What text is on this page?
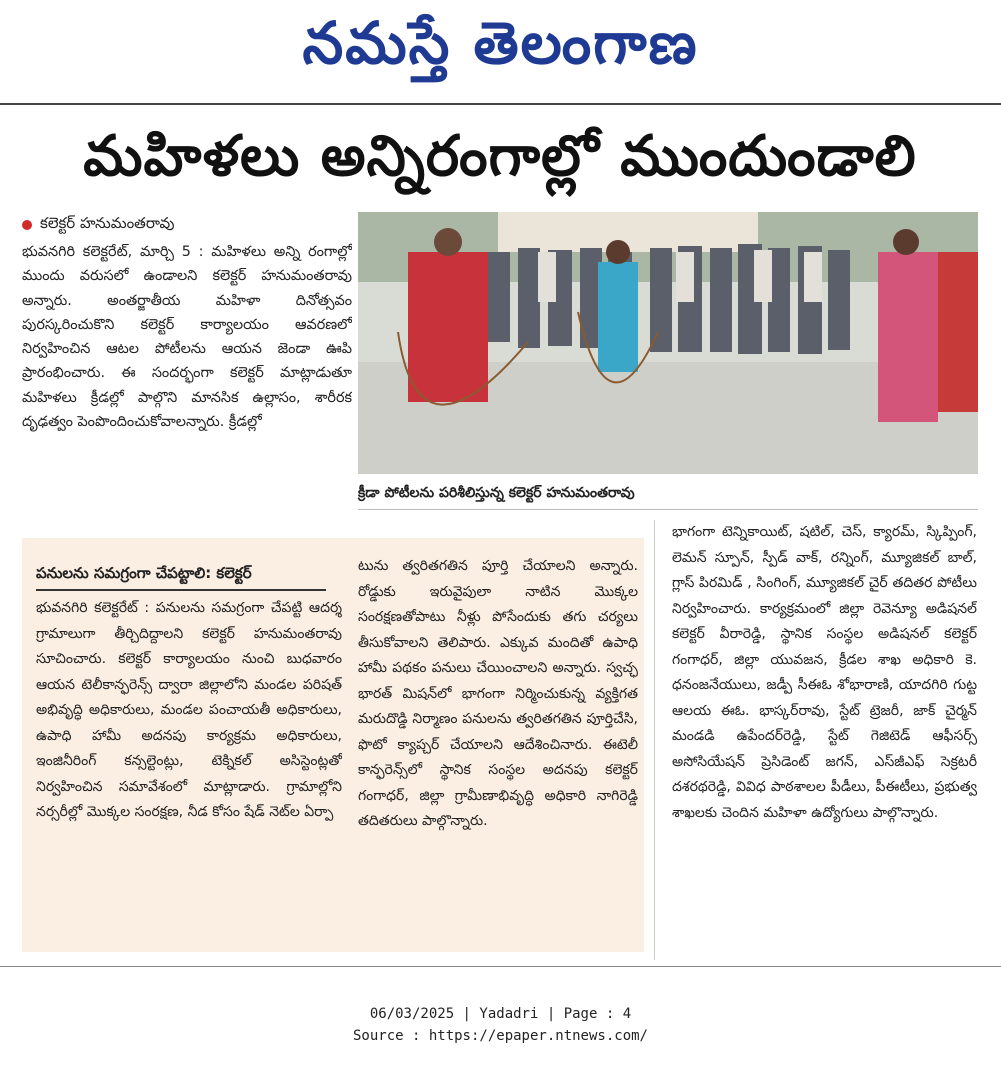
నమస్తే తెలంగాణ
మహిళలు అన్నిరంగాల్లో ముందుండాలి
కలెక్టర్ హనుమంతరావు
భువనగిరి కలెక్టరేట్, మార్చి 5 : మహిళలు అన్ని రంగాల్లో ముందు వరుసలో ఉండాలని కలెక్టర్ హనుమంతరావు అన్నారు. అంతర్జాతీయ మహిళా దినోత్సవం పురస్కరించుకొని కలెక్టర్ కార్యాలయం ఆవరణలో నిర్వహించిన ఆటల పోటీలను ఆయన జెండా ఊపి ప్రారంభించారు. ఈ సందర్భంగా కలెక్టర్ మాట్లాడుతూ మహిళలు క్రీడల్లో పాల్గొని మానసిక ఉల్లాసం, శారీరక దృఢత్వం పెంపొందించుకోవాలన్నారు. క్రీడల్లో
క్రీడా పోటీలను పరిశీలిస్తున్న కలెక్టర్ హనుమంతరావు
పనులను సమగ్రంగా చేపట్టాలి: కలెక్టర్
భువనగిరి కలెక్టరేట్ : పనులను సమగ్రంగా చేపట్టి ఆదర్శ గ్రామాలుగా తీర్చిదిద్దాలని కలెక్టర్ హనుమంతరావు సూచించారు. కలెక్టర్ కార్యాలయం నుంచి బుధవారం ఆయన టెలీకాన్ఫరెన్స్ ద్వారా జిల్లాలోని మండల పరిషత్ అభివృద్ధి అధికారులు, మండల పంచాయతీ అధికారులు, ఉపాధి హామీ అదనపు కార్యక్రమ అధికారులు, ఇంజినీరింగ్ కన్సల్టెంట్లు, టెక్నికల్ అసిస్టెంట్లతో నిర్వహించిన సమావేశంలో మాట్లాడారు. గ్రామాల్లోని నర్సరీల్లో మొక్కల సంరక్షణ, నీడ కోసం షేడ్ నెట్‌ల ఏర్పా
టును త్వరితగతిన పూర్తి చేయాలని అన్నారు. రోడ్డుకు ఇరువైపులా నాటిన మొక్కల సంరక్షణతోపాటు నీళ్లు పోసేందుకు తగు చర్యలు తీసుకోవాలని తెలిపారు. ఎక్కువ మందితో ఉపాధి హామీ పథకం పనులు చేయించాలని అన్నారు. స్వచ్ఛ భారత్ మిషన్‌లో భాగంగా నిర్మించుకున్న వ్యక్తిగత మరుదొడ్డి నిర్మాణం పనులను త్వరితగతిన పూర్తిచేసి, ఫొటో క్యాప్చర్ చేయాలని ఆదేశించినారు. ఈటెలీ కాన్ఫరెన్స్‌లో స్థానిక సంస్థల అదనపు కలెక్టర్ గంగాధర్, జిల్లా గ్రామీణాభివృద్ధి అధికారి నాగిరెడ్డి తదితరులు పాల్గొన్నారు.
భాగంగా టెన్నికాయిట్, షటిల్, చెస్, క్యారమ్, స్కిప్పింగ్, లెమన్ స్పూన్, స్పీడ్ వాక్, రన్నింగ్, మ్యూజికల్ బాల్, గ్లాస్ పిరమిడ్ , సింగింగ్, మ్యూజికల్ చైర్ తదితర పోటీలు నిర్వహించారు. కార్యక్రమంలో జిల్లా రెవెన్యూ అడిషనల్ కలెక్టర్ వీరారెడ్డి, స్థానిక సంస్థల అడిషనల్ కలెక్టర్ గంగాధర్, జిల్లా యువజన, క్రీడల శాఖ అధికారి కె. ధనంజనేయులు, జడ్పీ సీఈఓ శోభారాణి, యాదగిరి గుట్ట ఆలయ ఈఓ. భాస్కర్‌రావు, స్టేట్ ట్రెజరీ, జాక్ చైర్మన్ మండడి ఉపేందర్‌రెడ్డి, స్టేట్ గెజిటెడ్ ఆఫీసర్స్ అసోసియేషన్ ప్రెసిడెంట్ జగన్, ఎస్‌జీఎఫ్ సెక్రటరీ దశరథరెడ్డి, వివిధ పాఠశాలల పీడీలు, పీఈటీలు, ప్రభుత్వ శాఖలకు చెందిన మహిళా ఉద్యోగులు పాల్గొన్నారు.
06/03/2025 | Yadadri | Page : 4
Source : https://epaper.ntnews.com/
